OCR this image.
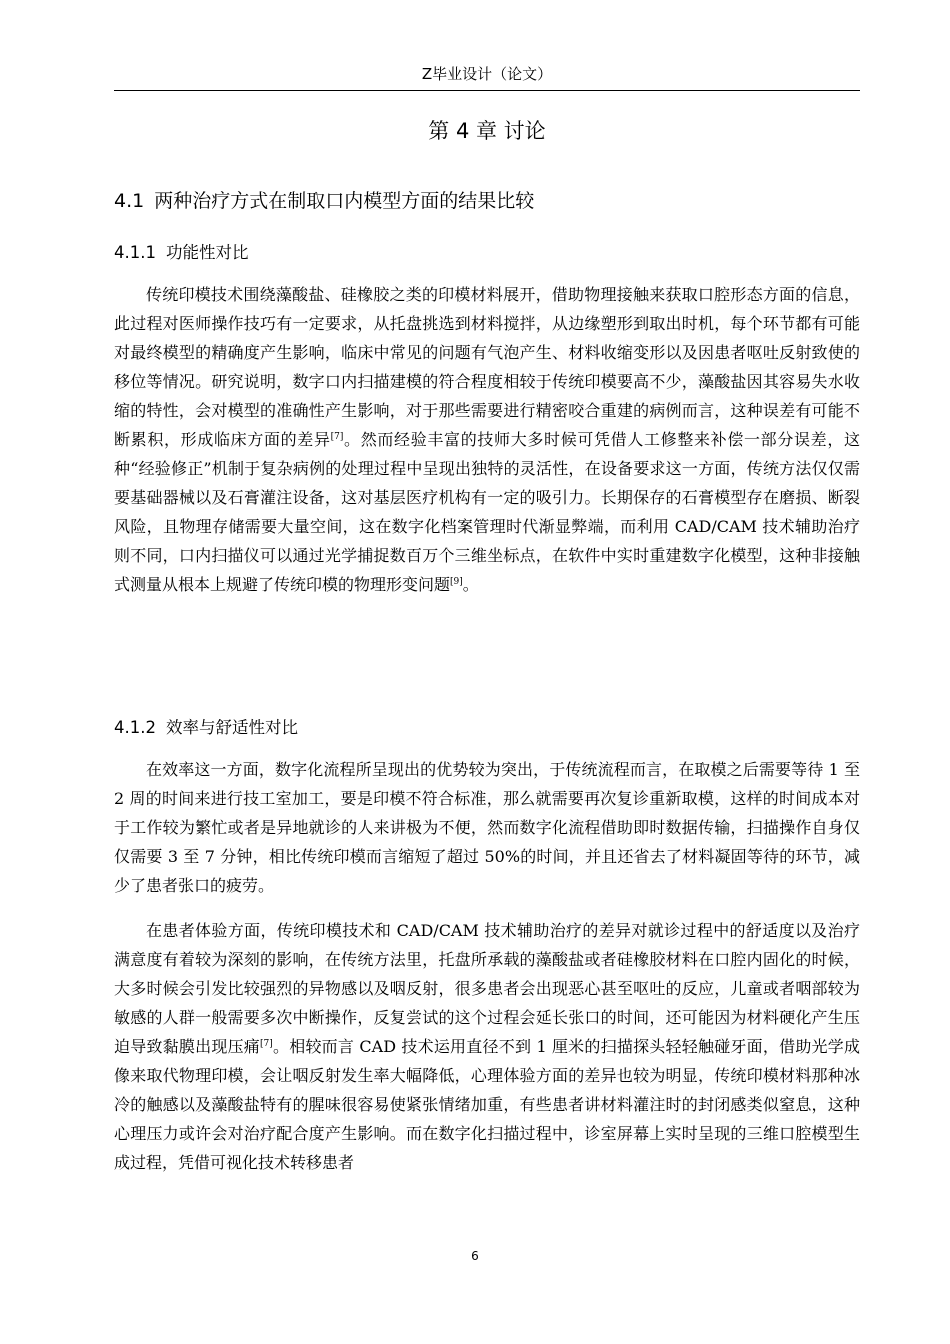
Z毕业设计（论文）
第 4 章 讨论
4.1 两种治疗方式在制取口内模型方面的结果比较
4.1.1 功能性对比

传统印模技术围绕藻酸盐、硅橡胶之类的印模材料展开，借助物理接触来获取口腔形态方面的信息，此过程对医师操作技巧有一定要求，从托盘挑选到材料搅拌，从边缘塑形到取出时机，每个环节都有可能对最终模型的精确度产生影响，临床中常见的问题有气泡产生、材料收缩变形以及因患者呕吐反射致使的移位等情况。研究说明，数字口内扫描建模的符合程度相较于传统印模要高不少，藻酸盐因其容易失水收缩的特性，会对模型的准确性产生影响，对于那些需要进行精密咬合重建的病例而言，这种误差有可能不断累积，形成临床方面的差异[7]。然而经验丰富的技师大多时候可凭借人工修整来补偿一部分误差，这种“经验修正”机制于复杂病例的处理过程中呈现出独特的灵活性，在设备要求这一方面，传统方法仅仅需要基础器械以及石膏灌注设备，这对基层医疗机构有一定的吸引力。长期保存的石膏模型存在磨损、断裂风险，且物理存储需要大量空间，这在数字化档案管理时代渐显弊端，而利用 CAD/CAM 技术辅助治疗则不同，口内扫描仪可以通过光学捕捉数百万个三维坐标点，在软件中实时重建数字化模型，这种非接触式测量从根本上规避了传统印模的物理形变问题[9]。

4.1.2 效率与舒适性对比

在效率这一方面，数字化流程所呈现出的优势较为突出，于传统流程而言，在取模之后需要等待 1 至 2 周的时间来进行技工室加工，要是印模不符合标准，那么就需要再次复诊重新取模，这样的时间成本对于工作较为繁忙或者是异地就诊的人来讲极为不便，然而数字化流程借助即时数据传输，扫描操作自身仅仅需要 3 至 7 分钟，相比传统印模而言缩短了超过 50%的时间，并且还省去了材料凝固等待的环节，减少了患者张口的疲劳。

在患者体验方面，传统印模技术和 CAD/CAM 技术辅助治疗的差异对就诊过程中的舒适度以及治疗满意度有着较为深刻的影响，在传统方法里，托盘所承载的藻酸盐或者硅橡胶材料在口腔内固化的时候，大多时候会引发比较强烈的异物感以及咽反射，很多患者会出现恶心甚至呕吐的反应，儿童或者咽部较为敏感的人群一般需要多次中断操作，反复尝试的这个过程会延长张口的时间，还可能因为材料硬化产生压迫导致黏膜出现压痛[7]。相较而言 CAD 技术运用直径不到 1 厘米的扫描探头轻轻触碰牙面，借助光学成像来取代物理印模，会让咽反射发生率大幅降低，心理体验方面的差异也较为明显，传统印模材料那种冰冷的触感以及藻酸盐特有的腥味很容易使紧张情绪加重，有些患者讲材料灌注时的封闭感类似窒息，这种心理压力或许会对治疗配合度产生影响。而在数字化扫描过程中，诊室屏幕上实时呈现的三维口腔模型生成过程，凭借可视化技术转移患者

6
